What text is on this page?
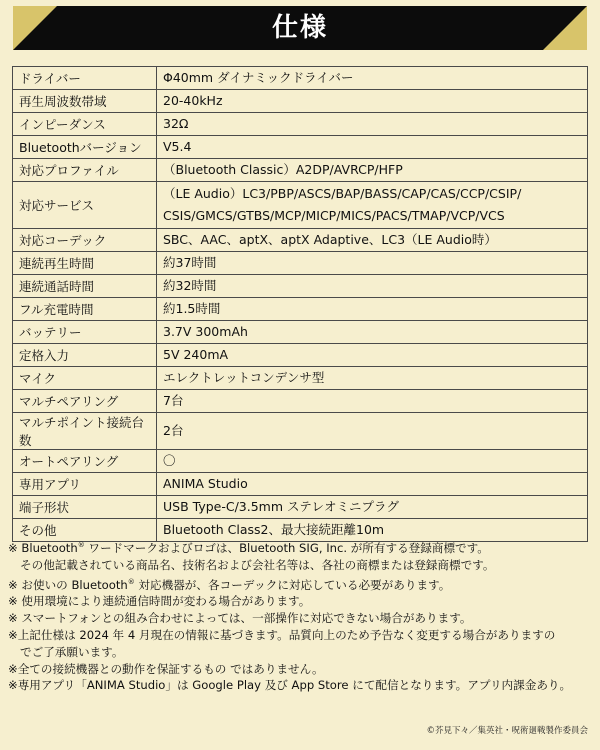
仕様
ドライバー	Φ40mm ダイナミックドライバー
再生周波数帯域	20-40kHz
インピーダンス	32Ω
Bluetoothバージョン	V5.4
対応プロファイル	（Bluetooth Classic）A2DP/AVRCP/HFP
対応サービス	（LE Audio）LC3/PBP/ASCS/BAP/BASS/CAP/CAS/CCP/CSIP/
CSIS/GMCS/GTBS/MCP/MICP/MICS/PACS/TMAP/VCP/VCS

対応コーデック	SBC、AAC、aptX、aptX Adaptive、LC3（LE Audio時）
連続再生時間	約37時間
連続通話時間	約32時間
フル充電時間	約1.5時間
バッテリー	3.7V 300mAh
定格入力	5V 240mA
マイク	エレクトレットコンデンサ型
マルチペアリング	7台
マルチポイント接続台数	2台
オートペアリング	〇
専用アプリ	ANIMA Studio
端子形状	USB Type-C/3.5mm ステレオミニプラグ
その他	Bluetooth Class2、最大接続距離10m
※ Bluetooth® ワードマークおよびロゴは、Bluetooth SIG, Inc. が所有する登録商標です。
その他記載されている商品名、技術名および会社名等は、各社の商標または登録商標です。
※ お使いの Bluetooth® 対応機器が、各コーデックに対応している必要があります。
※ 使用環境により連続通信時間が変わる場合があります。
※ スマートフォンとの組み合わせによっては、一部操作に対応できない場合があります。
※上記仕様は 2024 年 4 月現在の情報に基づきます。品質向上のため予告なく変更する場合がありますの
でご了承願います。
※全ての接続機器との動作を保証するもの ではありません。
※専用アプリ「ANIMA Studio」は Google Play 及び App Store にて配信となります。アプリ内課金あり。
©芥見下々／集英社・呪術廻戦製作委員会
